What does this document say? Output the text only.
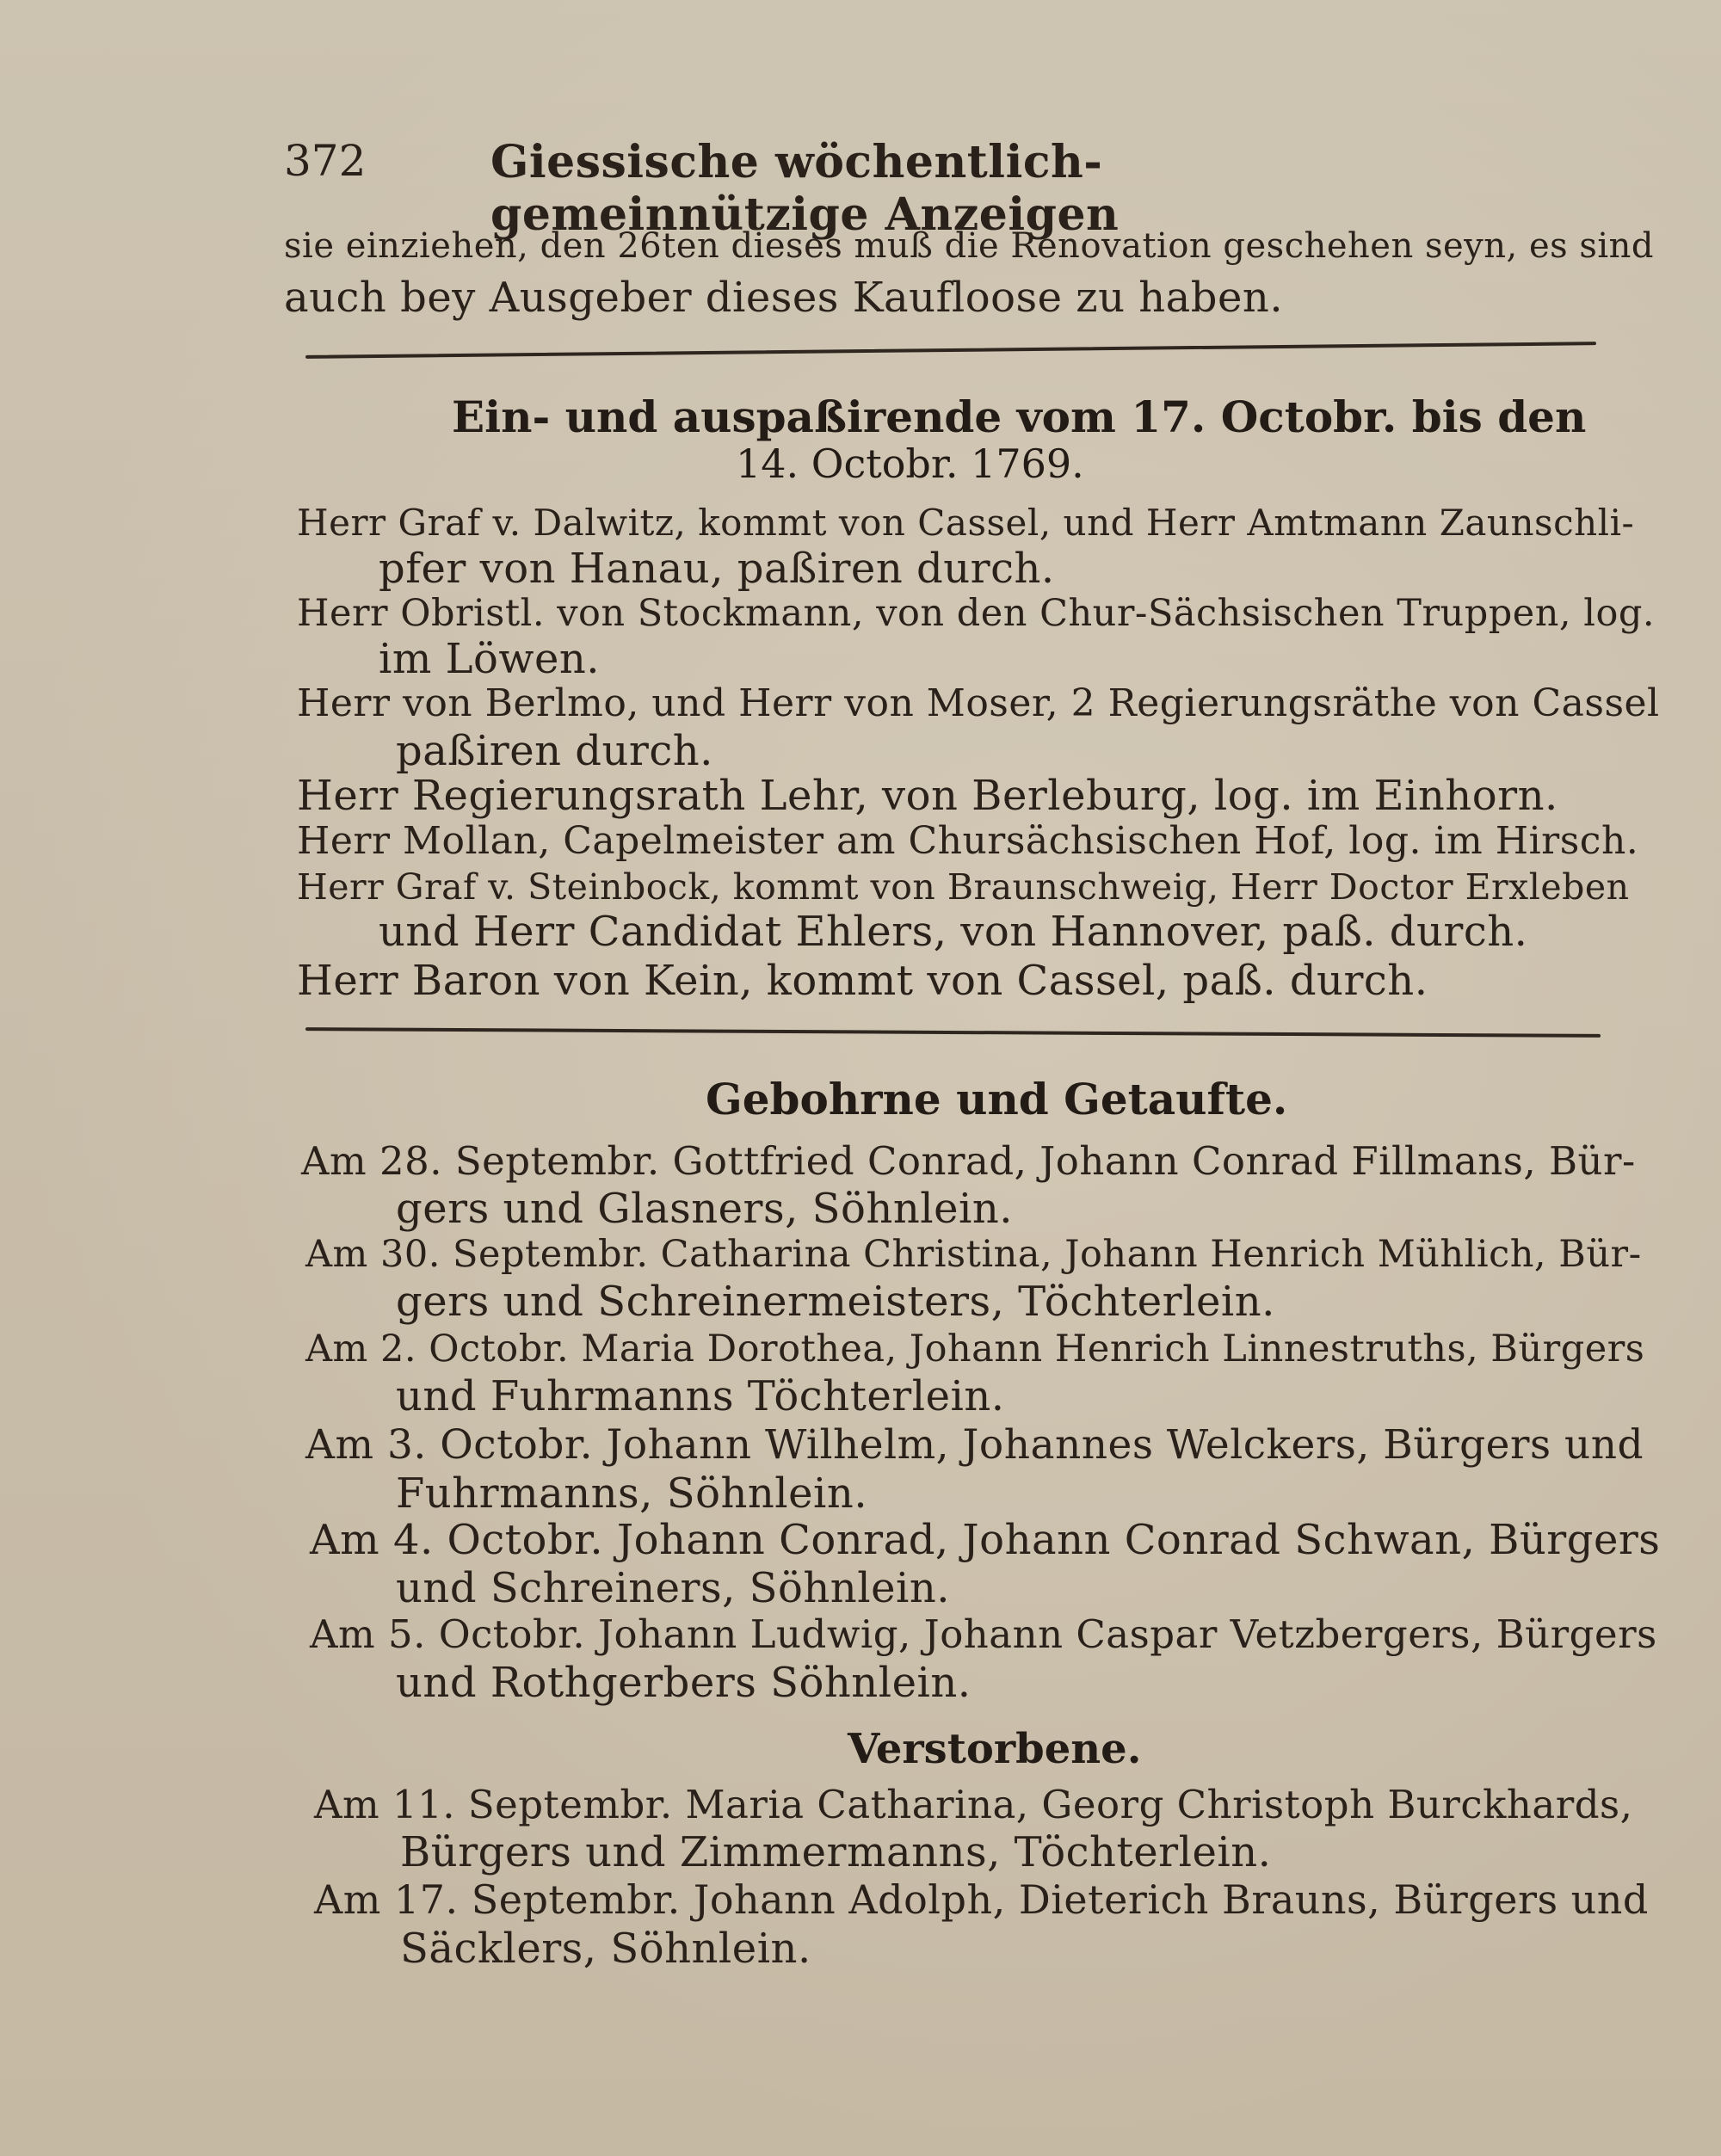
372	Giessische wöchentlich-gemeinnützige Anzeigen
sie einziehen, den 26ten dieses muß die Renovation geschehen seyn, es sind
auch bey Ausgeber dieses Kaufloose zu haben.
Ein- und auspaßirende vom 17. Octobr. bis den
14. Octobr. 1769.
Herr Graf v. Dalwitz, kommt von Cassel, und Herr Amtmann Zaunschli-
pfer von Hanau, paßiren durch.
Herr Obristl. von Stockmann, von den Chur-Sächsischen Truppen, log.
im Löwen.
Herr von Berlmo, und Herr von Moser, 2 Regierungsräthe von Cassel
paßiren durch.
Herr Regierungsrath Lehr, von Berleburg, log. im Einhorn.
Herr Mollan, Capelmeister am Chursächsischen Hof, log. im Hirsch.
Herr Graf v. Steinbock, kommt von Braunschweig, Herr Doctor Erxleben
und Herr Candidat Ehlers, von Hannover, paß. durch.
Herr Baron von Kein, kommt von Cassel, paß. durch.
Gebohrne und Getaufte.
Am 28. Septembr. Gottfried Conrad, Johann Conrad Fillmans, Bür-
gers und Glasners, Söhnlein.
Am 30. Septembr. Catharina Christina, Johann Henrich Mühlich, Bür-
gers und Schreinermeisters, Töchterlein.
Am 2. Octobr. Maria Dorothea, Johann Henrich Linnestruths, Bürgers
und Fuhrmanns Töchterlein.
Am 3. Octobr. Johann Wilhelm, Johannes Welckers, Bürgers und
Fuhrmanns, Söhnlein.
Am 4. Octobr. Johann Conrad, Johann Conrad Schwan, Bürgers
und Schreiners, Söhnlein.
Am 5. Octobr. Johann Ludwig, Johann Caspar Vetzbergers, Bürgers
und Rothgerbers Söhnlein.
Verstorbene.
Am 11. Septembr. Maria Catharina, Georg Christoph Burckhards,
Bürgers und Zimmermanns, Töchterlein.
Am 17. Septembr. Johann Adolph, Dieterich Brauns, Bürgers und
Säcklers, Söhnlein.
